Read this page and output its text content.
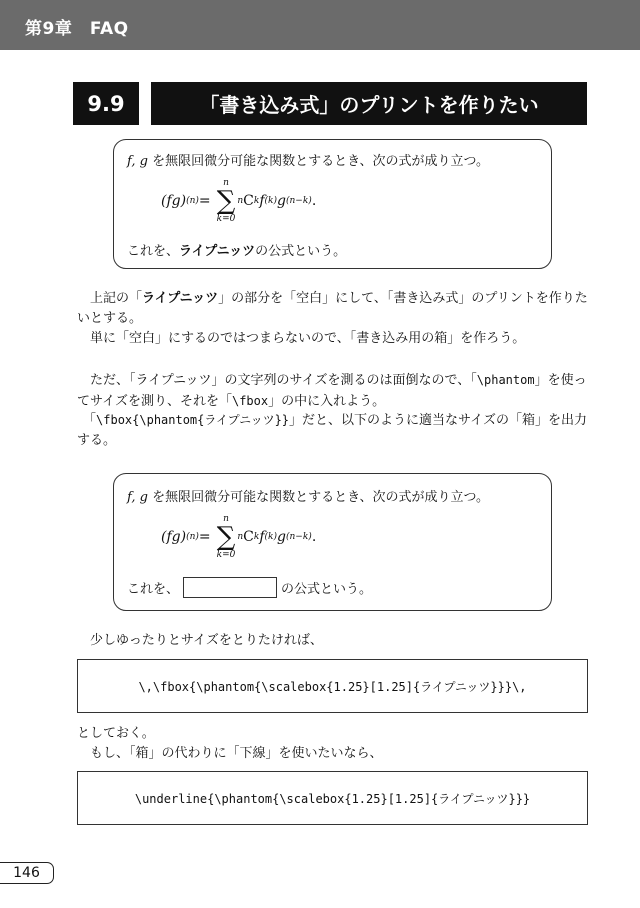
第9章　FAQ
9.9	「書き込み式」のプリントを作りたい
f, g を無限回微分可能な関数とするとき、次の式が成り立つ。
(fg) (n) =
n
∑
k=0
n C k f (k) g (n−k) .
これを、ライプニッツの公式という。

上記の「ライプニッツ」の部分を「空白」にして、「書き込み式」のプリントを作りたいとする。

単に「空白」にするのではつまらないので、「書き込み用の箱」を作ろう。

ただ、「ライプニッツ」の文字列のサイズを測るのは面倒なので、「\phantom」を使ってサイズを測り、それを「\fbox」の中に入れよう。

「\fbox{\phantom{ライプニッツ}}」だと、以下のように適当なサイズの「箱」を出力する。

f, g を無限回微分可能な関数とするとき、次の式が成り立つ。
(fg) (n) =
n
∑
k=0
n C k f (k) g (n−k) .
これを、	の公式という。

少しゆったりとサイズをとりたければ、

\,\fbox{\phantom{\scalebox{1.25}[1.25]{ライプニッツ}}}\,

としておく。

もし、「箱」の代わりに「下線」を使いたいなら、

\underline{\phantom{\scalebox{1.25}[1.25]{ライプニッツ}}}
146
